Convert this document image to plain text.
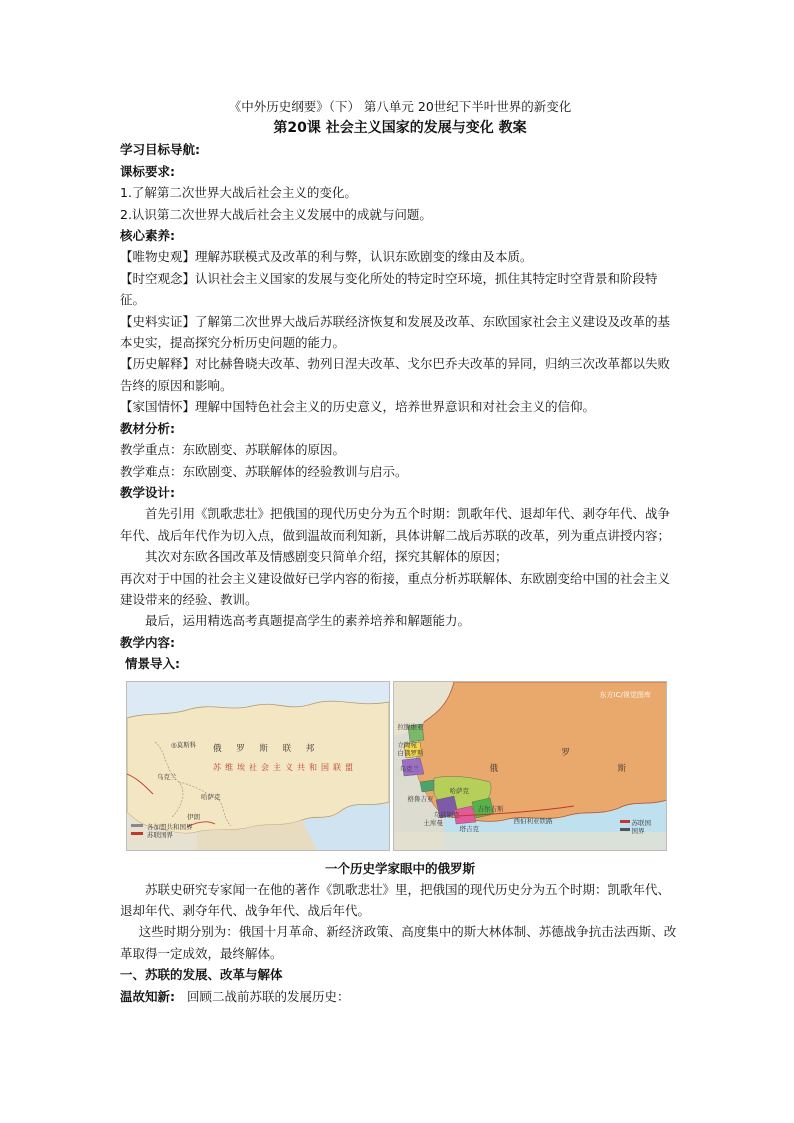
《中外历史纲要》（下） 第八单元 20世纪下半叶世界的新变化
第20课 社会主义国家的发展与变化 教案
学习目标导航:
课标要求:
1.了解第二次世界大战后社会主义的变化。
2.认识第二次世界大战后社会主义发展中的成就与问题。
核心素养:
【唯物史观】理解苏联模式及改革的利与弊，认识东欧剧变的缘由及本质。
【时空观念】认识社会主义国家的发展与变化所处的特定时空环境，抓住其特定时空背景和阶段特征。
【史料实证】了解第二次世界大战后苏联经济恢复和发展及改革、东欧国家社会主义建设及改革的基本史实，提高探究分析历史问题的能力。
【历史解释】对比赫鲁晓夫改革、勃列日涅夫改革、戈尔巴乔夫改革的异同，归纳三次改革都以失败告终的原因和影响。
【家国情怀】理解中国特色社会主义的历史意义，培养世界意识和对社会主义的信仰。
教材分析:
教学重点：东欧剧变、苏联解体的原因。
教学难点：东欧剧变、苏联解体的经验教训与启示。
教学设计:
首先引用《凯歌悲壮》把俄国的现代历史分为五个时期：凯歌年代、退却年代、剥夺年代、战争年代、战后年代作为切入点，做到温故而利知新，具体讲解二战后苏联的改革，列为重点讲授内容；
其次对东欧各国改革及情感剧变只简单介绍，探究其解体的原因；
再次对于中国的社会主义建设做好已学内容的衔接，重点分析苏联解体、东欧剧变给中国的社会主义建设带来的经验、教训。
最后，运用精选高考真题提高学生的素养培养和解题能力。
教学内容:
情景导入:
◎莫斯科 俄 罗 斯 联 邦
苏维埃社会主义共和国联盟
乌克兰
哈萨克
伊朗
各加盟共和国界
苏联国界
东方IC/视觉图库
俄
罗
斯
拉脱维亚
立陶宛
白俄罗斯
乌克兰
格鲁吉亚
哈萨克
乌兹别克
土库曼
吉尔吉斯
塔吉克
西伯利亚铁路	苏联国
国界
一个历史学家眼中的俄罗斯
苏联史研究专家闻一在他的著作《凯歌悲壮》里，把俄国的现代历史分为五个时期：凯歌年代、退却年代、剥夺年代、战争年代、战后年代。
这些时期分别为：俄国十月革命、新经济政策、高度集中的斯大林体制、苏德战争抗击法西斯、改革取得一定成效，最终解体。
一、苏联的发展、改革与解体
温故知新: 回顾二战前苏联的发展历史：
